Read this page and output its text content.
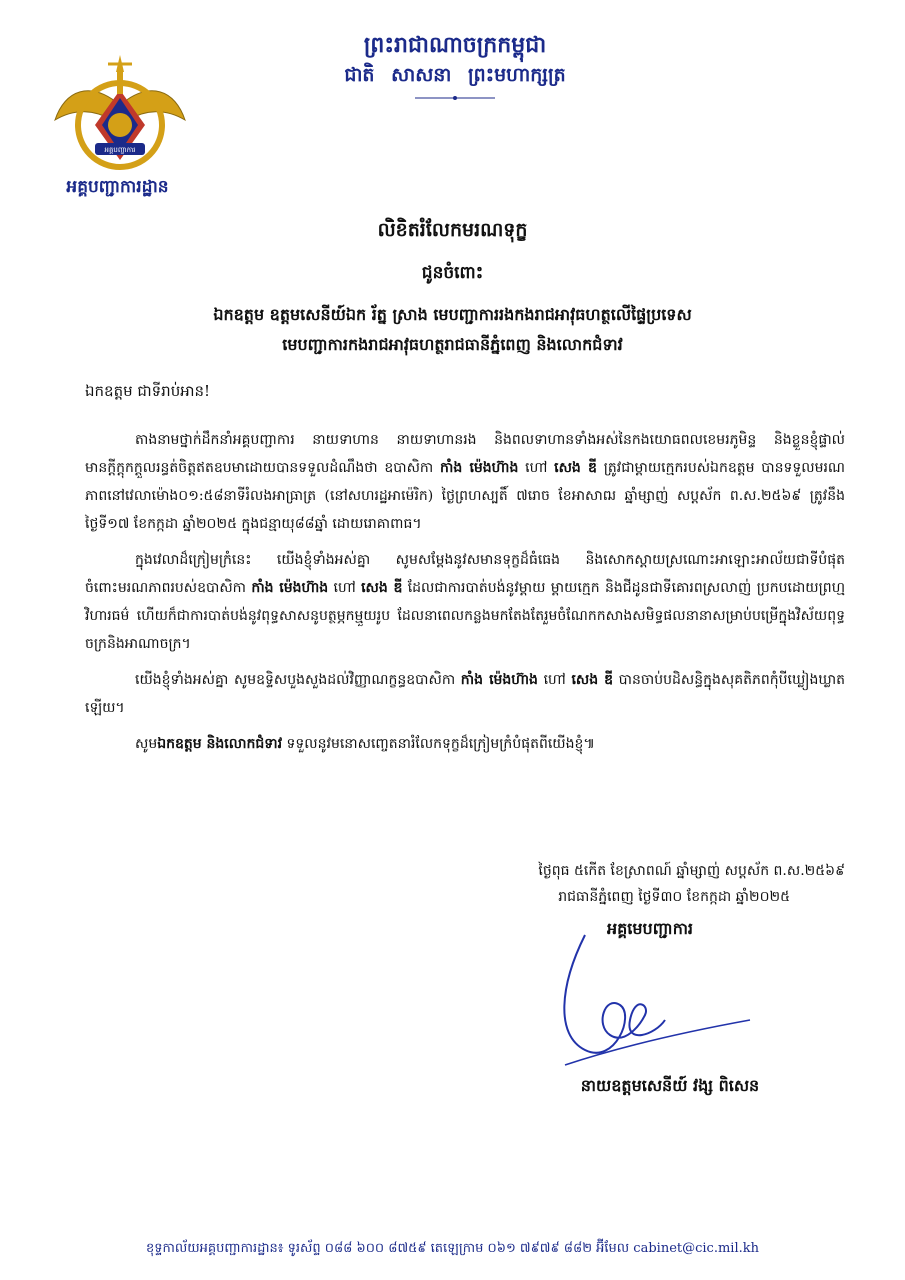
អគ្គបញ្ជាការ
អគ្គបញ្ជាការដ្ឋាន
ព្រះរាជាណាចក្រកម្ពុជា
ជាតិ សាសនា ព្រះមហាក្សត្រ
លិខិតរំលែកមរណទុក្ខ
ជូនចំពោះ
ឯកឧត្តម ឧត្តមសេនីយ៍ឯក រ័ត្ន ស្រាង មេបញ្ជាការរងកងរាជអាវុធហត្ថលើផ្ទៃប្រទេស
មេបញ្ជាការកងរាជអាវុធហត្ថរាជធានីភ្នំពេញ និងលោកជំទាវ
ឯកឧត្តម ជាទីរាប់អាន!

តាងនាមថ្នាក់ដឹកនាំអគ្គបញ្ជាការ នាយទាហាន នាយទាហានរង និងពលទាហានទាំងអស់នៃកងយោធពលខេមរភូមិន្ទ និងខ្លួនខ្ញុំផ្ទាល់ មានក្តីក្តុកក្តួលរន្ធត់ចិត្តឥតឧបមាដោយបានទទួលដំណឹងថា ឧបាសិកា កាំង ម៉េងហ៊ាង ហៅ សេង ឌី ត្រូវជាម្តាយក្មេករបស់ឯកឧត្តម បានទទួលមរណភាពនៅវេលាម៉ោង០១:៥៨នាទីរំលងអាធ្រាត្រ (នៅសហរដ្ឋអាម៉េរិក) ថ្ងៃព្រហស្បតិ៍ ៧រោច ខែអាសាឍ ឆ្នាំម្សាញ់ សប្តស័ក ព.ស.២៥៦៩ ត្រូវនឹងថ្ងៃទី១៧ ខែកក្កដា ឆ្នាំ២០២៥ ក្នុងជន្មាយុ៨៨ឆ្នាំ ដោយរោគាពាធ។

ក្នុងវេលាដ៏ក្រៀមក្រំនេះ យើងខ្ញុំទាំងអស់គ្នា សូមសម្តែងនូវសមានទុក្ខដ៏ធំធេង និងសោកស្តាយស្រណោះអាឡោះអាល័យជាទីបំផុត ចំពោះមរណភាពរបស់ឧបាសិកា កាំង ម៉េងហ៊ាង ហៅ សេង ឌី ដែលជាការបាត់បង់នូវម្តាយ ម្តាយក្មេក និងជីដូនជាទីគោរពស្រលាញ់ ប្រកបដោយព្រហ្មវិហារធម៌ ហើយក៏ជាការបាត់បង់នូវពុទ្ធសាសនូបត្ថម្ភកម្មួយរូប ដែលនាពេលកន្លងមកតែងតែរួមចំណែកកសាងសមិទ្ធផលនានាសម្រាប់បម្រើក្នុងវិស័យពុទ្ធចក្រនិងអាណាចក្រ។

យើងខ្ញុំទាំងអស់គ្នា សូមឧទ្ទិសបួងសួងដល់វិញ្ញាណក្ខន្ធឧបាសិកា កាំង ម៉េងហ៊ាង ហៅ សេង ឌី បានចាប់បដិសន្ធិក្នុងសុគតិភពកុំបីឃ្លៀងឃ្លាតឡើយ។

សូមឯកឧត្តម និងលោកជំទាវ ទទួលនូវមនោសញ្ចេតនារំលែកទុក្ខដ៏ក្រៀមក្រំបំផុតពីយើងខ្ញុំ៕

ថ្ងៃពុធ ៥កើត ខែស្រាពណ៍ ឆ្នាំម្សាញ់ សប្តស័ក ព.ស.២៥៦៩
រាជធានីភ្នំពេញ ថ្ងៃទី៣០ ខែកក្កដា ឆ្នាំ២០២៥
អគ្គមេបញ្ជាការ
នាយឧត្តមសេនីយ៍ វង្ស ពិសេន
ខុទ្ទកាល័យអគ្គបញ្ជាការដ្ឋាន៖ ទូរស័ព្ទ ០៨៨ ៦០០ ៨៧៥៩ តេឡេក្រាម ០៦១ ៧៩៧៩ ៨៨២ អ៊ីមែល cabinet@cic.mil.kh
